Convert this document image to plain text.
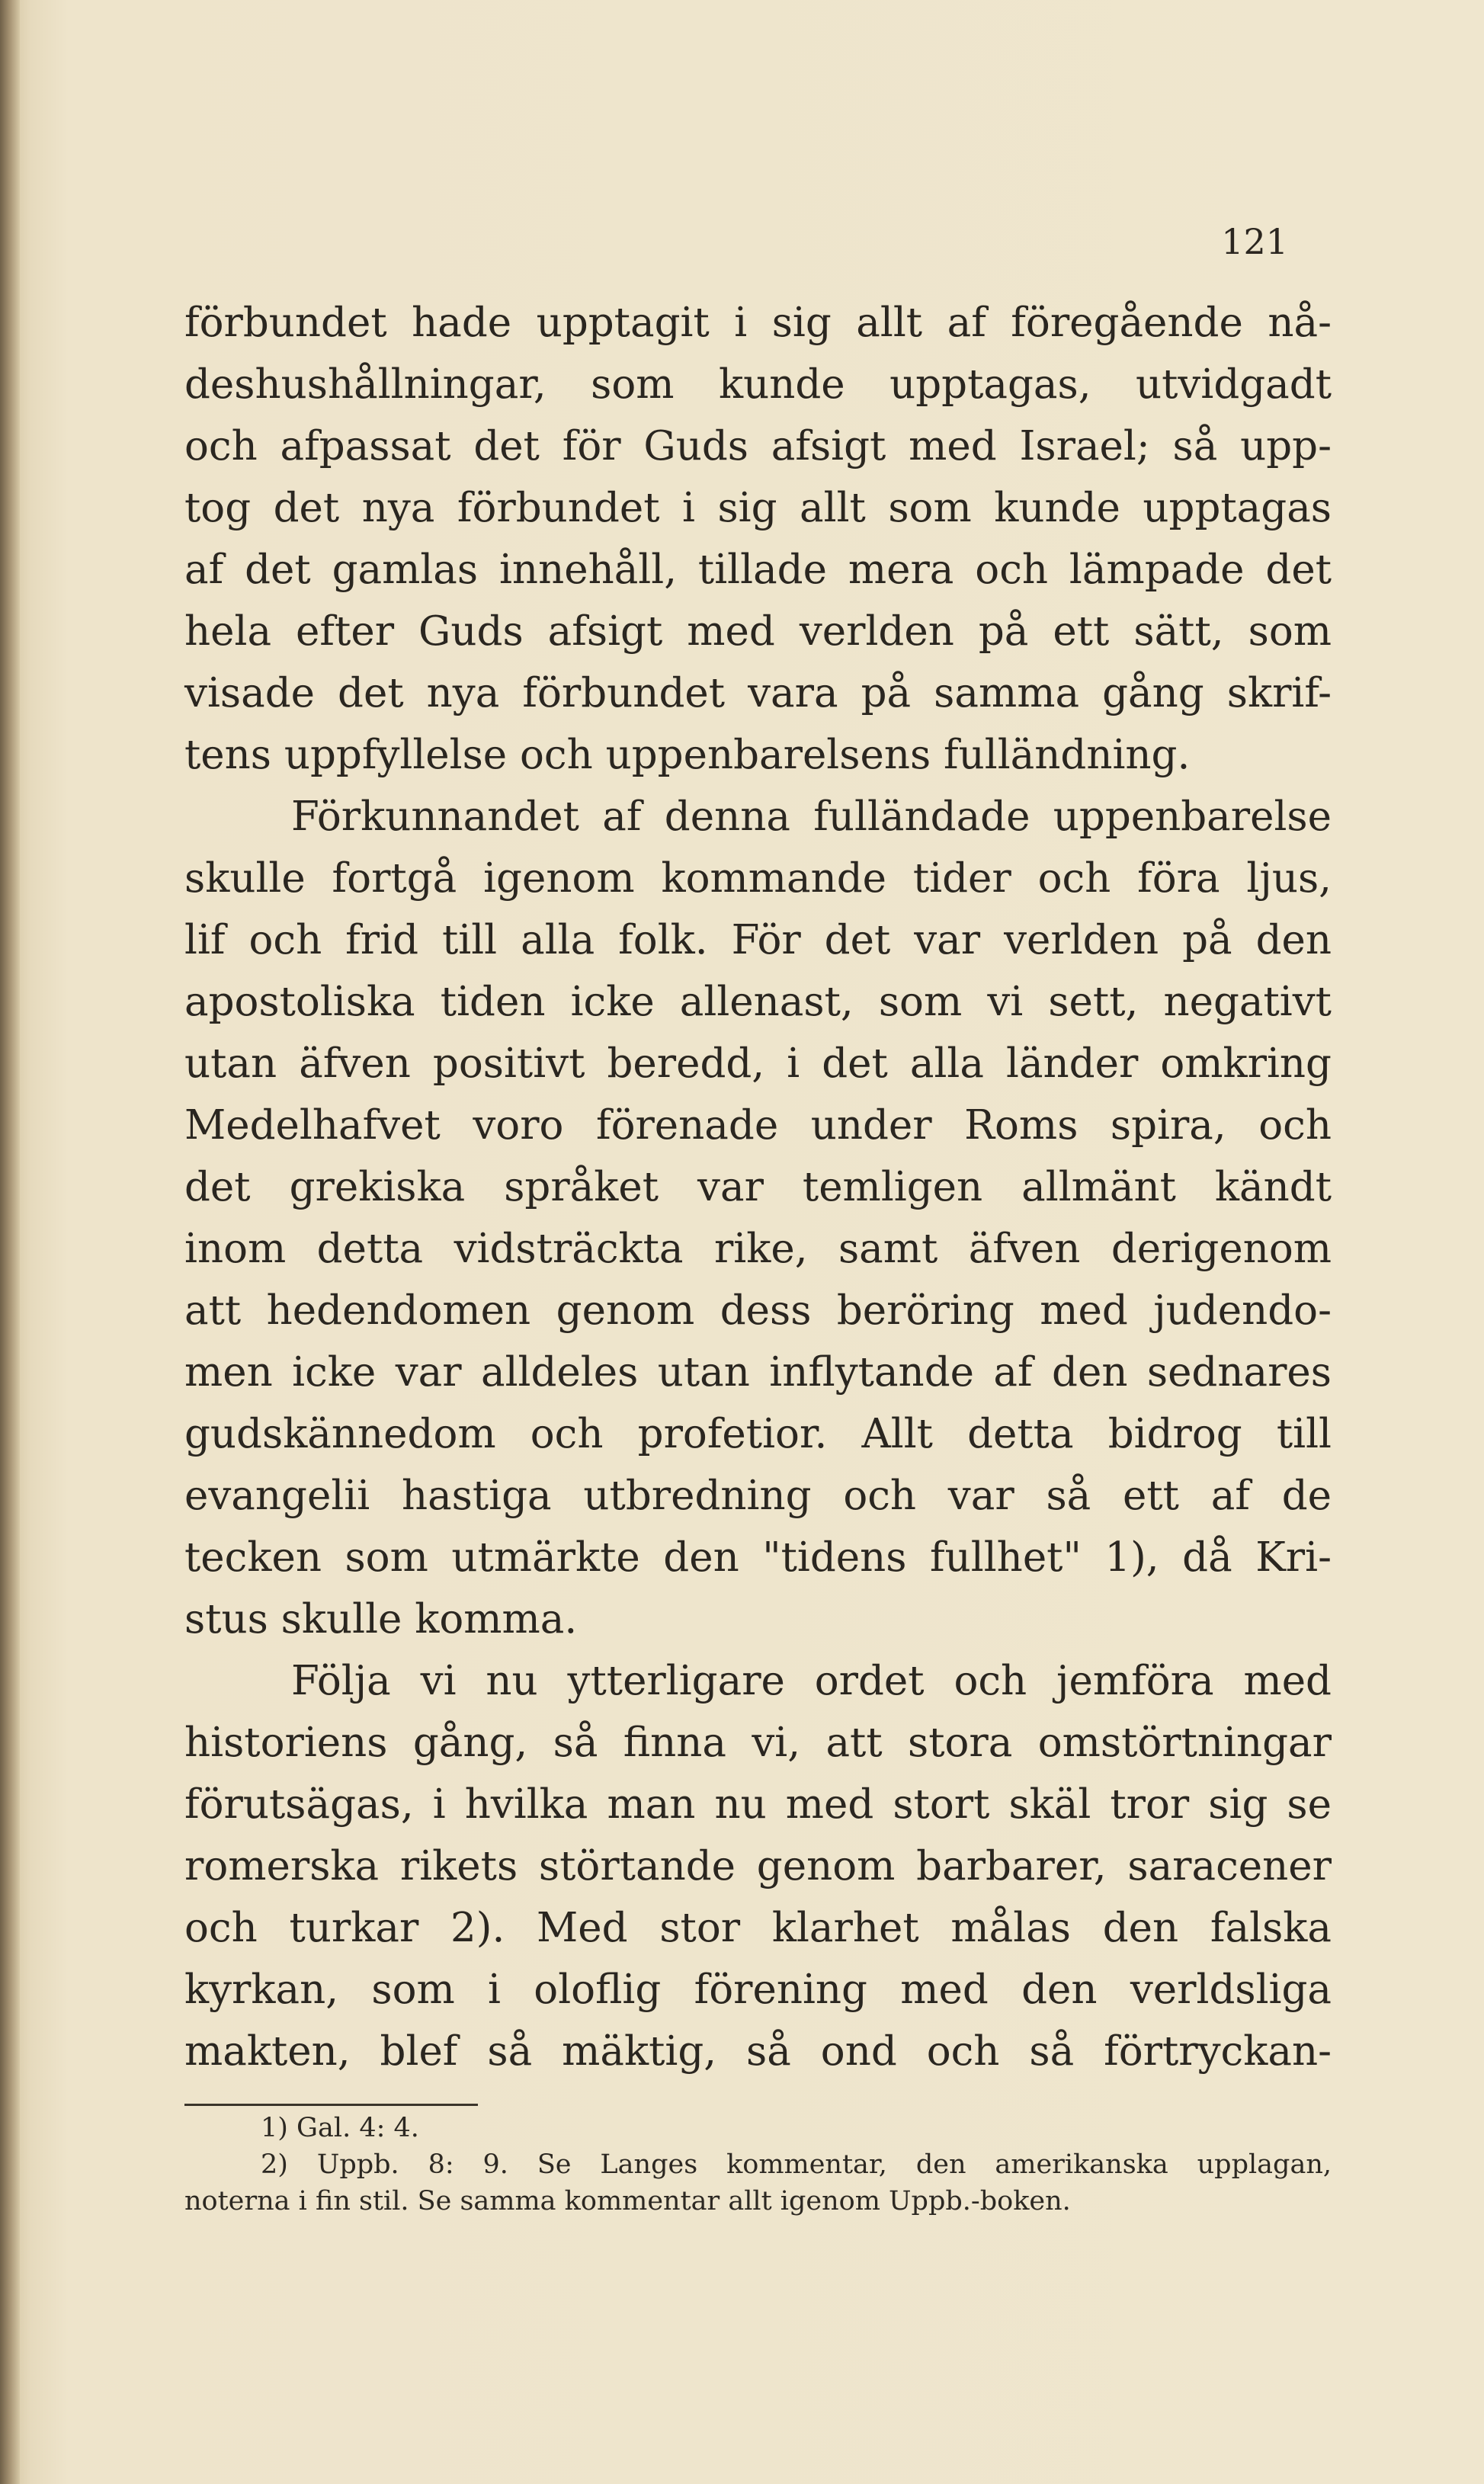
121
förbundet hade upptagit i sig allt af föregående nå-
deshushållningar, som kunde upptagas, utvidgadt
och afpassat det för Guds afsigt med Israel; så upp-
tog det nya förbundet i sig allt som kunde upptagas
af det gamlas innehåll, tillade mera och lämpade det
hela efter Guds afsigt med verlden på ett sätt, som
visade det nya förbundet vara på samma gång skrif-
tens uppfyllelse och uppenbarelsens fulländning.
Förkunnandet af denna fulländade uppenbarelse
skulle fortgå igenom kommande tider och föra ljus,
lif och frid till alla folk. För det var verlden på den
apostoliska tiden icke allenast, som vi sett, negativt
utan äfven positivt beredd, i det alla länder omkring
Medelhafvet voro förenade under Roms spira, och
det grekiska språket var temligen allmänt kändt
inom detta vidsträckta rike, samt äfven derigenom
att hedendomen genom dess beröring med judendo-
men icke var alldeles utan inflytande af den sednares
gudskännedom och profetior. Allt detta bidrog till
evangelii hastiga utbredning och var så ett af de
tecken som utmärkte den "tidens fullhet" 1), då Kri-
stus skulle komma.
Följa vi nu ytterligare ordet och jemföra med
historiens gång, så finna vi, att stora omstörtningar
förutsägas, i hvilka man nu med stort skäl tror sig se
romerska rikets störtande genom barbarer, saracener
och turkar 2). Med stor klarhet målas den falska
kyrkan, som i oloflig förening med den verldsliga
makten, blef så mäktig, så ond och så förtryckan-
1) Gal. 4: 4.
2) Uppb. 8: 9. Se Langes kommentar, den amerikanska upplagan,
noterna i fin stil. Se samma kommentar allt igenom Uppb.-boken.
